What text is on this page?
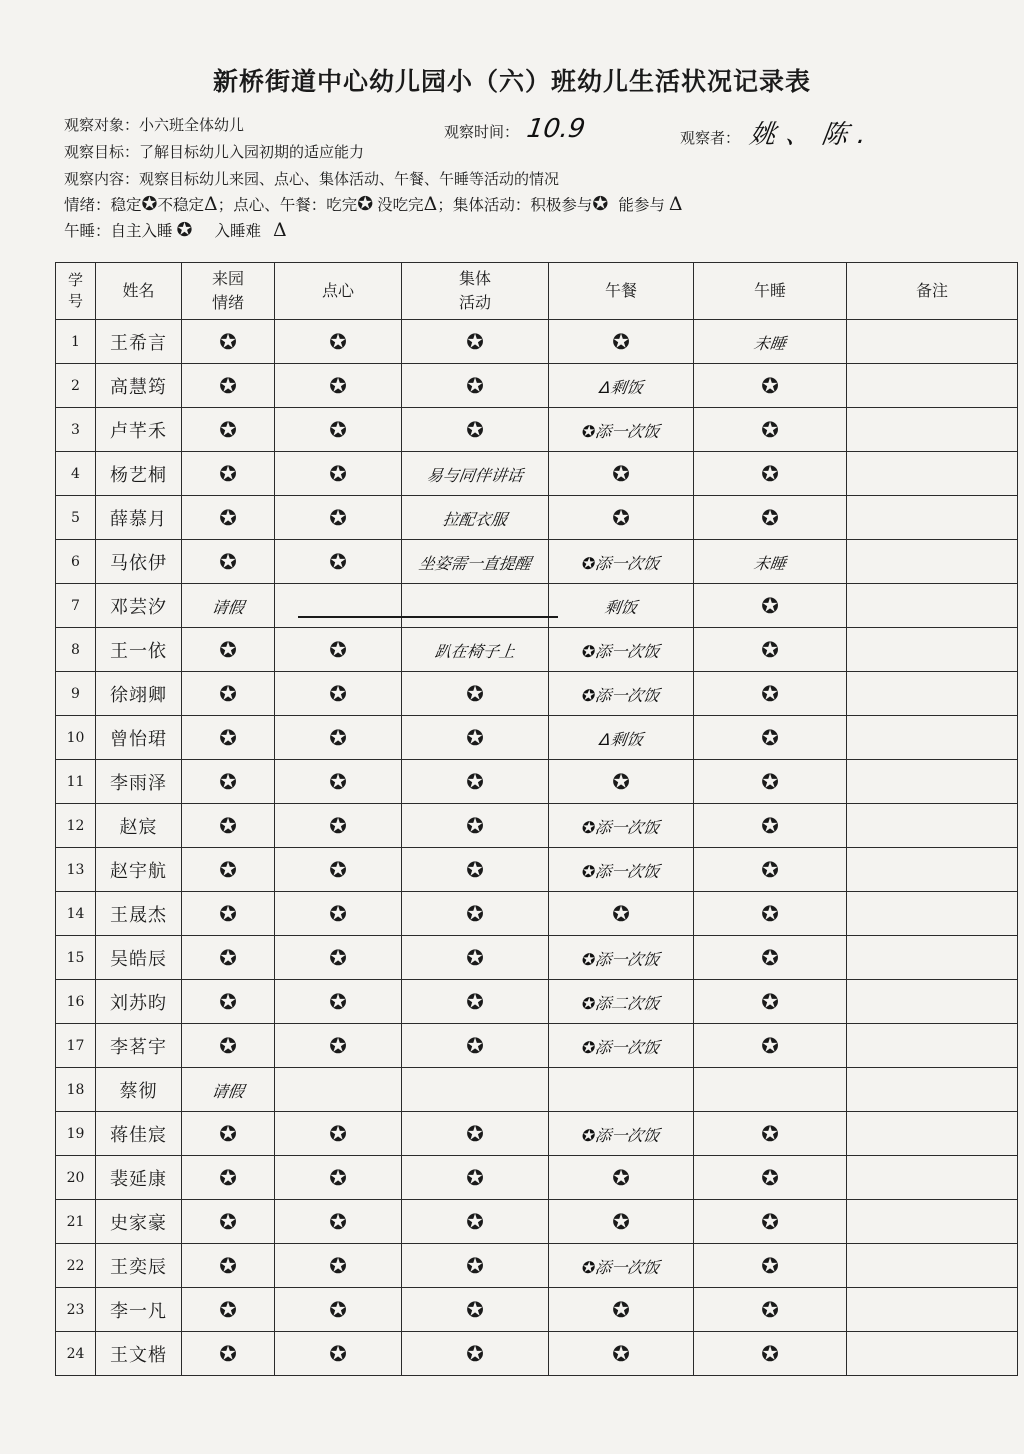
新桥街道中心幼儿园小（六）班幼儿生活状况记录表
观察对象：小六班全体幼儿	观察时间： 10.9	观察者： 姚、陈.
观察目标：了解目标幼儿入园初期的适应能力
观察内容：观察目标幼儿来园、点心、集体活动、午餐、午睡等活动的情况
情绪：稳定✪不稳定Δ；点心、午餐：吃完✪ 没吃完Δ；集体活动：积极参与✪ 能参与 Δ
午睡：自主入睡 ✪ 入睡难 Δ
学号	姓名	来园情绪	点心	集体活动	午餐	午睡	备注
1	王希言	✪	✪	✪	✪	未睡	
2	高慧筠	✪	✪	✪	Δ剩饭	✪	
3	卢芊禾	✪	✪	✪	✪添一次饭	✪	
4	杨艺桐	✪	✪	易与同伴讲话	✪	✪	
5	薛慕月	✪	✪	拉配衣服	✪	✪	
6	马依伊	✪	✪	坐姿需一直提醒	✪添一次饭	未睡	
7	邓芸汐	请假			剩饭	✪	
8	王一依	✪	✪	趴在椅子上	✪添一次饭	✪	
9	徐翊卿	✪	✪	✪	✪添一次饭	✪	
10	曾怡珺	✪	✪	✪	Δ剩饭	✪	
11	李雨泽	✪	✪	✪	✪	✪	
12	赵宸	✪	✪	✪	✪添一次饭	✪	
13	赵宇航	✪	✪	✪	✪添一次饭	✪	
14	王晟杰	✪	✪	✪	✪	✪	
15	吴皓辰	✪	✪	✪	✪添一次饭	✪	
16	刘苏昀	✪	✪	✪	✪添二次饭	✪	
17	李茗宇	✪	✪	✪	✪添一次饭	✪	
18	蔡彻	请假					
19	蒋佳宸	✪	✪	✪	✪添一次饭	✪	
20	裴延康	✪	✪	✪	✪	✪	
21	史家豪	✪	✪	✪	✪	✪	
22	王奕辰	✪	✪	✪	✪添一次饭	✪	
23	李一凡	✪	✪	✪	✪	✪	
24	王文楷	✪	✪	✪	✪	✪	
